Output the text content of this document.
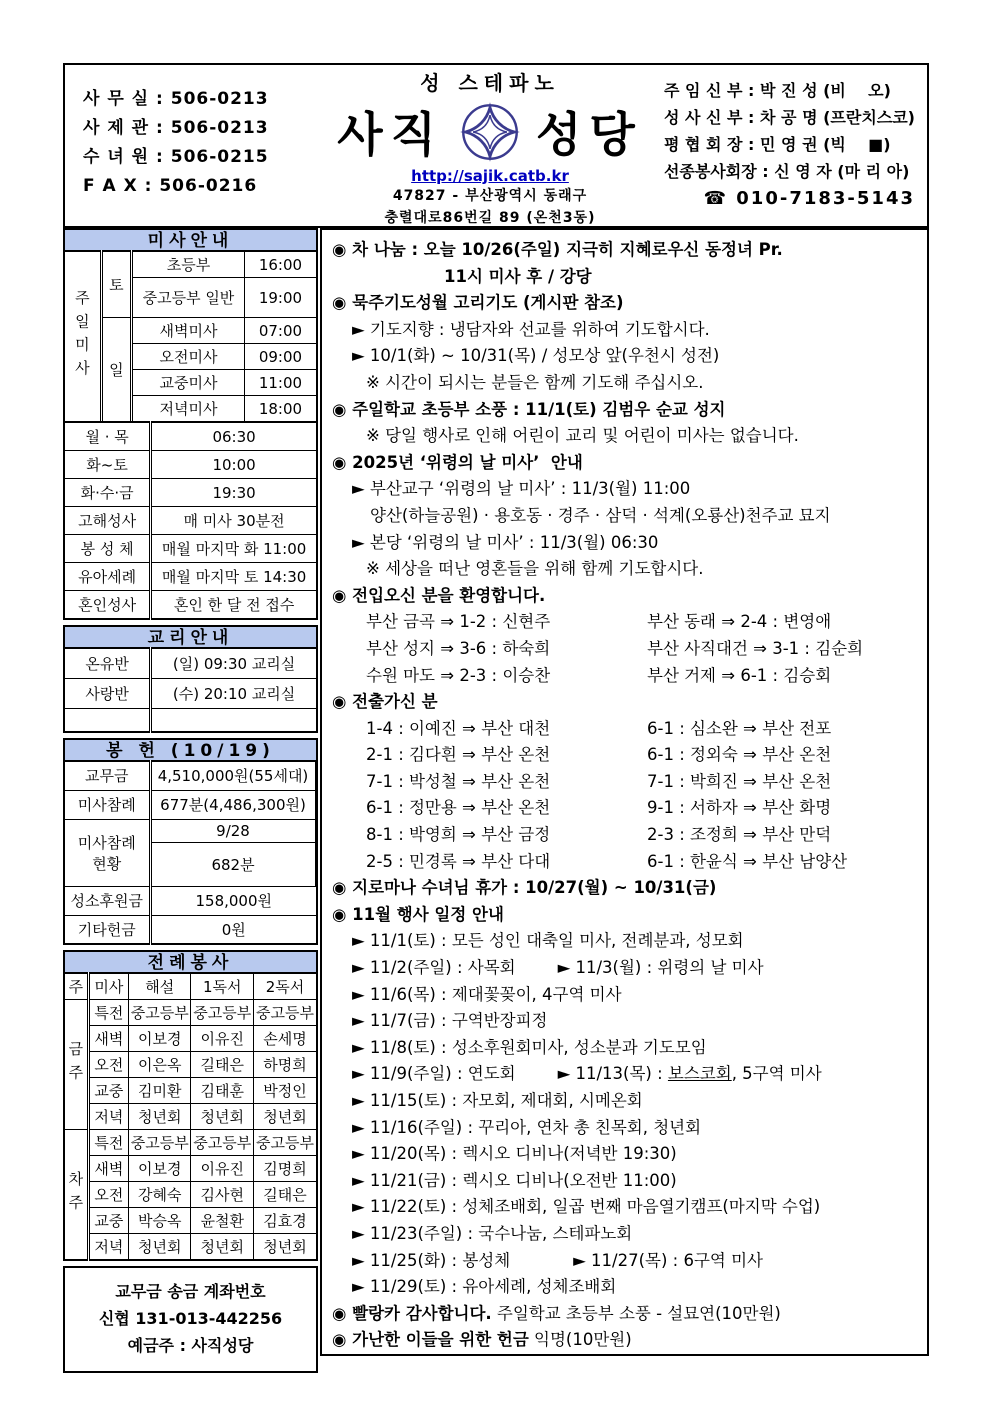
사 무 실 : 506-0213
사 제 관 : 506-0213
수 녀 원 : 506-0215
F A X : 506-0216
성 스테파노
사직 성당
http://sajik.catb.kr
47827 - 부산광역시 동래구
충렬대로86번길 89 (온천3동)
주 임 신 부 : 박 진 성 (비    오)
성 사 신 부 : 차 공 명 (프란치스코)
평 협 회 장 : 민 영 권 (빅    ■)
선종봉사회장 : 신 영 자 (마 리 아)
☎ 010-7183-5143
미사안내
주일미사	토	초등부	16:00
		중고등부 일반	19:00
	일	새벽미사	07:00
		오전미사	09:00
		교중미사	11:00
		저녁미사	18:00
월 · 목	06:30
화~토	10:00
화·수·금	19:30
고해성사	매 미사 30분전
봉 성 체	매월 마지막 화 11:00
유아세례	매월 마지막 토 14:30
혼인성사	혼인 한 달 전 접수
교리안내
온유반	(일) 09:30 교리실
사랑반	(수) 20:10 교리실

봉 헌 (10/19)
교무금	4,510,000원(55세대)	
미사참례	677분(4,486,300원)	

미사참례
현황	9/28		
	682분		
성소후원금	158,000원	
기타헌금	0원	
전례봉사
주	미사	해설	1독서	2독서
금주	특전	중고등부	중고등부	중고등부
	새벽	이보경	이유진	손세명
	오전	이은옥	길태은	하명희
	교중	김미환	김태훈	박정인
	저녁	청년회	청년회	청년회
차주	특전	중고등부	중고등부	중고등부
	새벽	이보경	이유진	김명희
	오전	강혜숙	김사현	길태은
	교중	박승옥	윤철환	김효경
	저녁	청년회	청년회	청년회
교무금 송금 계좌번호
신협 131-013-442256
예금주 : 사직성당
◉ 차 나눔 : 오늘 10/26(주일) 지극히 지혜로우신 동정녀 Pr.
11시 미사 후 / 강당
◉ 묵주기도성월 고리기도 (게시판 참조)
► 기도지향 : 냉담자와 선교를 위하여 기도합시다.
► 10/1(화) ~ 10/31(목) / 성모상 앞(우천시 성전)
※ 시간이 되시는 분들은 함께 기도해 주십시오.
◉ 주일학교 초등부 소풍 : 11/1(토) 김범우 순교 성지
※ 당일 행사로 인해 어린이 교리 및 어린이 미사는 없습니다.
◉ 2025년 ‘위령의 날 미사’  안내
► 부산교구 ‘위령의 날 미사’ : 11/3(월) 11:00
양산(하늘공원) · 용호동 · 경주 · 삼덕 · 석계(오룡산)천주교 묘지
► 본당 ‘위령의 날 미사’ : 11/3(월) 06:30
※ 세상을 떠난 영혼들을 위해 함께 기도합시다.
◉ 전입오신 분을 환영합니다.
부산 금곡 ⇒ 1-2 : 신현주	부산 동래 ⇒ 2-4 : 변영애
부산 성지 ⇒ 3-6 : 하숙희	부산 사직대건 ⇒ 3-1 : 김순희
수원 마도 ⇒ 2-3 : 이승찬	부산 거제 ⇒ 6-1 : 김승회
◉ 전출가신 분
1-4 : 이예진 ⇒ 부산 대천	6-1 : 심소완 ⇒ 부산 전포
2-1 : 김다흰 ⇒ 부산 온천	6-1 : 정외숙 ⇒ 부산 온천
7-1 : 박성철 ⇒ 부산 온천	7-1 : 박희진 ⇒ 부산 온천
6-1 : 정만용 ⇒ 부산 온천	9-1 : 서하자 ⇒ 부산 화명
8-1 : 박영희 ⇒ 부산 금정	2-3 : 조정희 ⇒ 부산 만덕
2-5 : 민경록 ⇒ 부산 다대	6-1 : 한윤식 ⇒ 부산 남양산
◉ 지로마나 수녀님 휴가 : 10/27(월) ~ 10/31(금)
◉ 11월 행사 일정 안내
► 11/1(토) : 모든 성인 대축일 미사, 전례분과, 성모회
► 11/2(주일) : 사목회        ► 11/3(월) : 위령의 날 미사
► 11/6(목) : 제대꽃꽂이, 4구역 미사
► 11/7(금) : 구역반장피정
► 11/8(토) : 성소후원회미사, 성소분과 기도모임
► 11/9(주일) : 연도회        ► 11/13(목) : 보스코회, 5구역 미사
► 11/15(토) : 자모회, 제대회, 시메온회
► 11/16(주일) : 꾸리아, 연차 총 친목회, 청년회
► 11/20(목) : 렉시오 디비나(저녁반 19:30)
► 11/21(금) : 렉시오 디비나(오전반 11:00)
► 11/22(토) : 성체조배회, 일곱 번째 마음열기캠프(마지막 수업)
► 11/23(주일) : 국수나눔, 스테파노회
► 11/25(화) : 봉성체            ► 11/27(목) : 6구역 미사
► 11/29(토) : 유아세례, 성체조배회
◉ 빨랑카 감사합니다. 주일학교 초등부 소풍 - 설묘연(10만원)
◉ 가난한 이들을 위한 헌금 익명(10만원)
